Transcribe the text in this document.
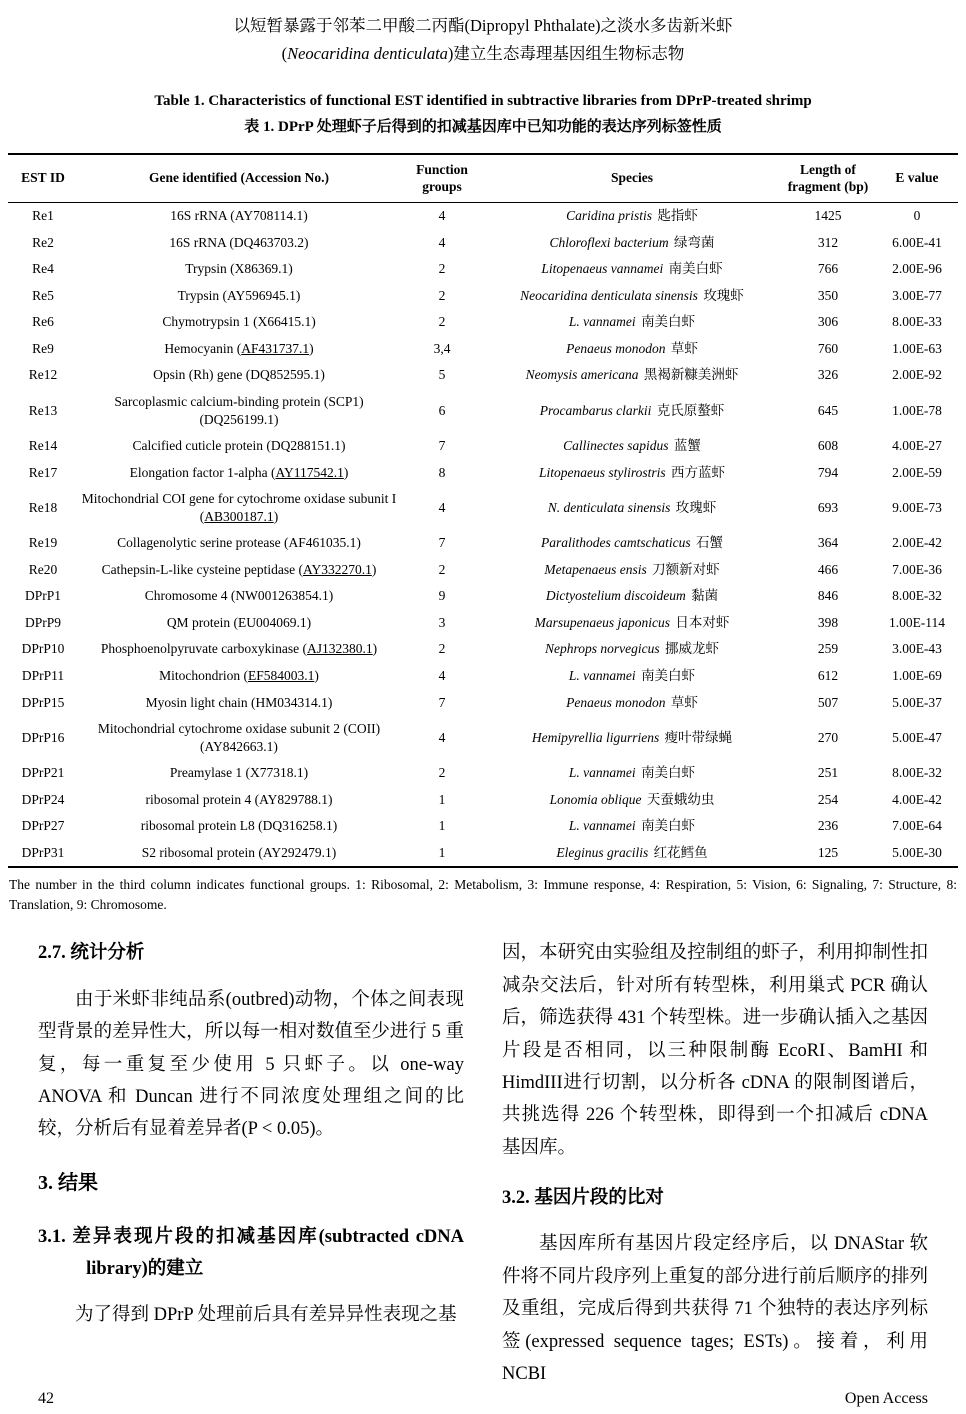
以短暂暴露于邻苯二甲酸二丙酯(Dipropyl Phthalate)之淡水多齿新米虾
(Neocaridina denticulata)建立生态毒理基因组生物标志物
Table 1. Characteristics of functional EST identified in subtractive libraries from DPrP-treated shrimp
表 1. DPrP 处理虾子后得到的扣减基因库中已知功能的表达序列标签性质
EST ID	Gene identified (Accession No.)	Function groups	Species	Length of fragment (bp)	E value
Re1	16S rRNA (AY708114.1)	4	Caridina pristis 匙指虾	1425	0
Re2	16S rRNA (DQ463703.2)	4	Chloroflexi bacterium 绿弯菌	312	6.00E-41
Re4	Trypsin (X86369.1)	2	Litopenaeus vannamei 南美白虾	766	2.00E-96
Re5	Trypsin (AY596945.1)	2	Neocaridina denticulata sinensis 玫瑰虾	350	3.00E-77
Re6	Chymotrypsin 1 (X66415.1)	2	L. vannamei 南美白虾	306	8.00E-33
Re9	Hemocyanin (AF431737.1)	3,4	Penaeus monodon 草虾	760	1.00E-63
Re12	Opsin (Rh) gene (DQ852595.1)	5	Neomysis americana 黑褐新糠美洲虾	326	2.00E-92
Re13	Sarcoplasmic calcium-binding protein (SCP1) (DQ256199.1)	6	Procambarus clarkii 克氏原螯虾	645	1.00E-78
Re14	Calcified cuticle protein (DQ288151.1)	7	Callinectes sapidus 蓝蟹	608	4.00E-27
Re17	Elongation factor 1-alpha (AY117542.1)	8	Litopenaeus stylirostris 西方蓝虾	794	2.00E-59
Re18	Mitochondrial COI gene for cytochrome oxidase subunit I (AB300187.1)	4	N. denticulata sinensis 玫瑰虾	693	9.00E-73
Re19	Collagenolytic serine protease (AF461035.1)	7	Paralithodes camtschaticus 石蟹	364	2.00E-42
Re20	Cathepsin-L-like cysteine peptidase (AY332270.1)	2	Metapenaeus ensis 刀额新对虾	466	7.00E-36
DPrP1	Chromosome 4 (NW001263854.1)	9	Dictyostelium discoideum 黏菌	846	8.00E-32
DPrP9	QM protein (EU004069.1)	3	Marsupenaeus japonicus 日本对虾	398	1.00E-114
DPrP10	Phosphoenolpyruvate carboxykinase (AJ132380.1)	2	Nephrops norvegicus 挪威龙虾	259	3.00E-43
DPrP11	Mitochondrion (EF584003.1)	4	L. vannamei 南美白虾	612	1.00E-69
DPrP15	Myosin light chain (HM034314.1)	7	Penaeus monodon 草虾	507	5.00E-37
DPrP16	Mitochondrial cytochrome oxidase subunit 2 (COII) (AY842663.1)	4	Hemipyrellia ligurriens 瘦叶带绿蝇	270	5.00E-47
DPrP21	Preamylase 1 (X77318.1)	2	L. vannamei 南美白虾	251	8.00E-32
DPrP24	ribosomal protein 4 (AY829788.1)	1	Lonomia oblique 天蚕蛾幼虫	254	4.00E-42
DPrP27	ribosomal protein L8 (DQ316258.1)	1	L. vannamei 南美白虾	236	7.00E-64
DPrP31	S2 ribosomal protein (AY292479.1)	1	Eleginus gracilis 红花鳕鱼	125	5.00E-30

The number in the third column indicates functional groups. 1: Ribosomal, 2: Metabolism, 3: Immune response, 4: Respiration, 5: Vision, 6: Signaling, 7: Structure, 8: Translation, 9: Chromosome.

2.7. 统计分析

由于米虾非纯品系(outbred)动物，个体之间表现型背景的差异性大，所以每一相对数值至少进行 5 重复，每一重复至少使用 5 只虾子。以 one-way ANOVA 和 Duncan 进行不同浓度处理组之间的比较，分析后有显着差异者(P < 0.05)。

3. 结果
3.1. 差异表现片段的扣减基因库(subtracted cDNA library)的建立

为了得到 DPrP 处理前后具有差异异性表现之基

因，本研究由实验组及控制组的虾子，利用抑制性扣减杂交法后，针对所有转型株，利用巢式 PCR 确认后，筛选获得 431 个转型株。进一步确认插入之基因片段是否相同，以三种限制酶 EcoRI、BamHI 和 HimdIII进行切割，以分析各 cDNA 的限制图谱后，共挑选得 226 个转型株，即得到一个扣减后 cDNA 基因库。

3.2. 基因片段的比对

基因库所有基因片段定经序后，以 DNAStar 软件将不同片段序列上重复的部分进行前后顺序的排列及重组，完成后得到共获得 71 个独特的表达序列标签(expressed sequence tages; ESTs)。接着，利用 NCBI

42	Open Access
